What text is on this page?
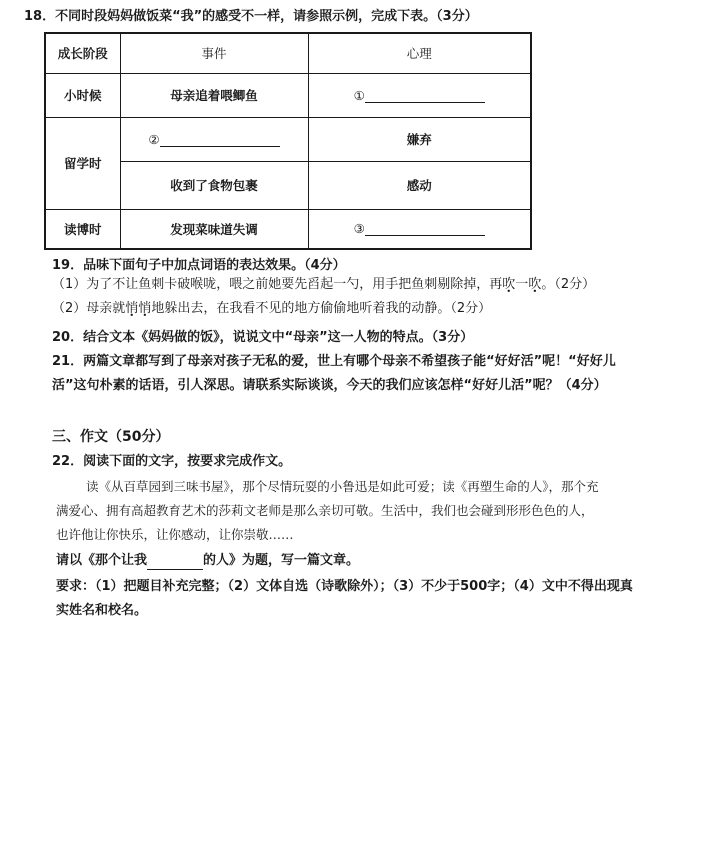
18．不同时段妈妈做饭菜“我”的感受不一样，请参照示例，完成下表。（3分）
成长阶段	事件	心理
小时候	母亲追着喂鲫鱼	①
留学时	②	嫌弃
	收到了食物包裹	感动
读博时	发现菜味道失调	③
19．品味下面句子中加点词语的表达效果。（4分）
（1）为了不让鱼刺卡破喉咙，喂之前她要先舀起一勺，用手把鱼刺剔除掉，再吹一吹。（2分）
（2）母亲就悄悄地躲出去，在我看不见的地方偷偷地听着我的动静。（2分）
20．结合文本《妈妈做的饭》，说说文中“母亲”这一人物的特点。（3分）
21．两篇文章都写到了母亲对孩子无私的爱，世上有哪个母亲不希望孩子能“好好活”呢！“好好儿
活”这句朴素的话语，引人深思。请联系实际谈谈，今天的我们应该怎样“好好儿活”呢？（4分）
三、作文（50分）
22．阅读下面的文字，按要求完成作文。
读《从百草园到三味书屋》，那个尽情玩耍的小鲁迅是如此可爱；读《再塑生命的人》，那个充
满爱心、拥有高超教育艺术的莎莉文老师是那么亲切可敬。生活中，我们也会碰到形形色色的人，
也许他让你快乐，让你感动，让你崇敬……
请以《那个让我	的人》为题，写一篇文章。
要求：（1）把题目补充完整；（2）文体自选（诗歌除外）；（3）不少于500字；（4）文中不得出现真
实姓名和校名。
